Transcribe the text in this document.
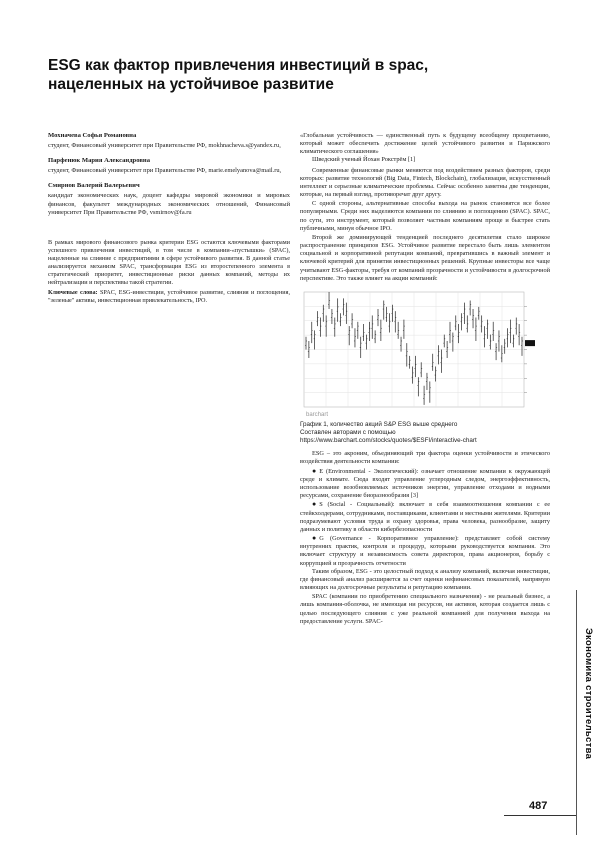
ESG как фактор привлечения инвестиций в spac, нацеленных на устойчивое развитие
Мохначева Софья Романовна
студент, Финансовый университет при Правительстве РФ, mokhnacheva.s@yandex.ru,
Парфенюк Мария Александровна
студент, Финансовый университет при Правительстве РФ, marie.emelyanova@mail.ru,
Смирнов Валерий Валерьевич
кандидат экономических наук, доцент кафедры мировой экономики и мировых финансов, факультет международных экономических отношений, Финансовый университет При Правительстве РФ, vsmirnov@fa.ru
В рамках мирового финансового рынка критерии ESG остаются ключевыми факторами успешного привлечения инвестиций, в том числе в компании-«пустышки» (SPAC), нацеленные на слияние с предприятиями в сфере устойчивого развития. В данной статье анализируется механизм SPAC, трансформация ESG из второстепенного элемента в стратегический приоритет, инвестиционные риски данных компаний, методы их нейтрализации и перспективы такой стратегии.
Ключевые слова: SPAC, ESG-инвестиции, устойчивое развитие, слияния и поглощения, "зеленые" активы, инвестиционная привлекательность, IPO.
«Глобальная устойчивость — единственный путь к будущему всеобщему процветанию, который может обеспечить достижение целей устойчивого развития и Парижского климатического соглашения»
Шведский ученый Йохан Рокстрём [1]
Современные финансовые рынки меняются под воздействием разных факторов, среди которых: развитие технологий (Big Data, Fintech, Blockchain), глобализация, искусственный интеллект и серьезные климатические проблемы. Сейчас особенно заметны две тенденции, которые, на первый взгляд, противоречат друг другу.
С одной стороны, альтернативные способы выхода на рынок становятся все более популярными. Среди них выделяются компании по слиянию и поглощению (SPAC). SPAC, по сути, это инструмент, который позволяет частным компаниям проще и быстрее стать публичными, минуя обычное IPO.
Второй же доминирующей тенденцией последнего десятилетия стало широкое распространение принципов ESG. Устойчивое развитие перестало быть лишь элементом социальной и корпоративной репутации компаний, превратившись в важный элемент и ключевой критерий для принятия инвестиционных решений. Крупные инвесторы все чаще учитывают ESG-факторы, требуя от компаний прозрачности и устойчивости в долгосрочной перспективе. Это также влияет на акции компаний:
barchart
График 1, количество акций S&P ESG выше среднего
Составлен авторами с помощью
https://www.barchart.com/stocks/quotes/$ESFI/interactive-chart
ESG – это акроним, объединяющий три фактора оценки устойчивости и этического воздействия деятельности компании:
● E (Environmental - Экологический): означает отношение компании к окружающей среде и климате. Сюда входят управление углеродным следом, энергоэффективность, использование возобновляемых источников энергии, управление отходами и водными ресурсами, сохранение биоразнообразия [3]
● S (Social - Социальный): включает в себя взаимоотношения компании с ее стейкхолдерами, сотрудниками, поставщиками, клиентами и местными жителями. Критерии подразумевают условия труда и охрану здоровья, права человека, разнообразие, защиту данных и политику в области кибербезопасности
● G (Governance - Корпоративное управление): представляет собой систему внутренних практик, контроля и процедур, которыми руководствуется компания. Это включает структуру и независимость совета директоров, права акционеров, борьбу с коррупцией и прозрачность отчетности
Таким образом, ESG - это целостный подход к анализу компаний, включая инвестиции, где финансовый анализ расширяется за счет оценки нефинансовых показателей, напрямую влияющих на долгосрочные результаты и репутацию компании.
SPAC (компании по приобретению специального назначения) - не реальный бизнес, а лишь компания-оболочка, не имеющая ни ресурсов, ни активов, которая создается лишь с целью последующего слияния с уже реальной компанией для получения выхода на предоставление услуги. SPAC-
Экономика строительства
487
